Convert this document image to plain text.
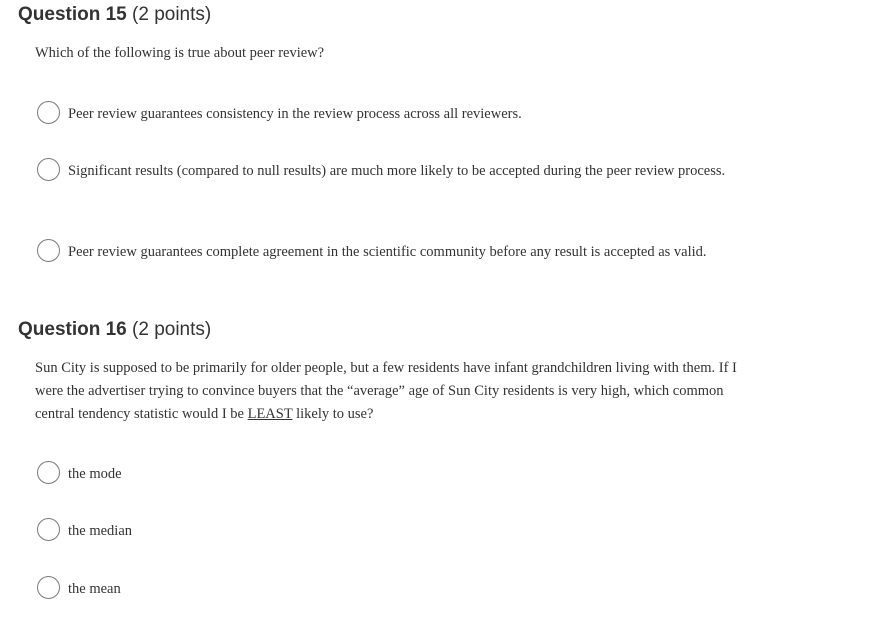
Question 15 (2 points)

Which of the following is true about peer review?

Peer review guarantees consistency in the review process across all reviewers.
Significant results (compared to null results) are much more likely to be accepted during the peer review process.
Peer review guarantees complete agreement in the scientific community before any result is accepted as valid.
Question 16 (2 points)

Sun City is supposed to be primarily for older people, but a few residents have infant grandchildren living with them. If I were the advertiser trying to convince buyers that the “average” age of Sun City residents is very high, which common central tendency statistic would I be LEAST likely to use?

the mode
the median
the mean
